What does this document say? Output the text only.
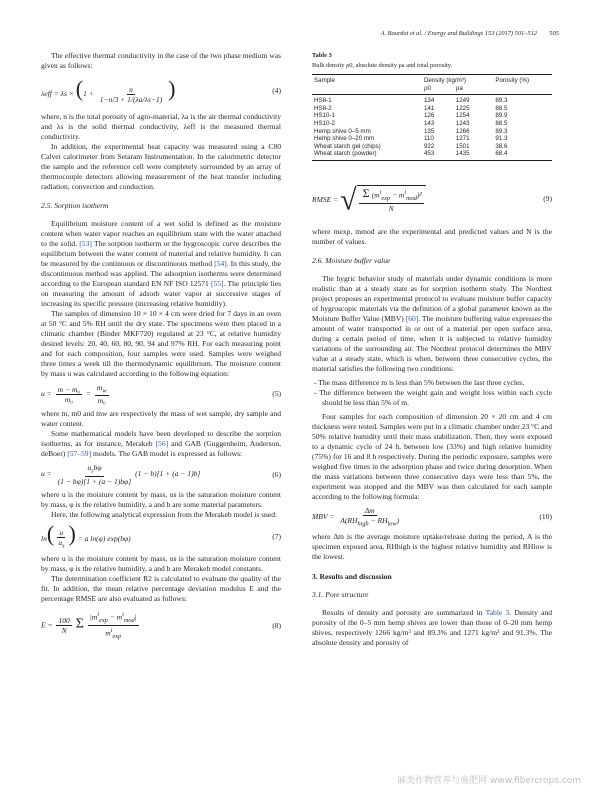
A. Bourdot et al. / Energy and Buildings 153 (2017) 501–512 505

The effective thermal conductivity in the case of the two phase medium was given as follows:

$\lambda eff = \lambda s \times (1 + \frac{n}{1-n/3 + 1/(\lambda a/\lambda s-1)}$ )	(4)

where, n is the total porosity of agro-material, λa is the air thermal conductivity and λs is the solid thermal conductivity, λeff is the measured thermal conductivity.

In addition, the experimental heat capacity was measured using a C80 Calvet calorimeter from Setaram Instrumentation. In the calorimetric detector the sample and the reference cell were completely surrounded by an array of thermocouple detectors allowing measurement of the heat transfer including radiation, convection and conduction.

2.5. Sorption isotherm

Equilibrium moisture content of a wet solid is defined as the moisture content when water vapor reaches an equilibrium state with the water attached to the solid. [53] The sorption isotherm or the hygroscopic curve describes the equilibrium between the water content of material and relative humidity. It can be measured by the continuous or discontinuous method [54]. In this study, the discontinuous method was applied. The adsorption isotherms were determined according to the European standard EN NF ISO 12571 [55]. The principle lies on measuring the amount of adsorb water vapor at successive stages of increasing its specific pressure (increasing relative humidity).

The samples of dimension 10 × 10 × 4 cm were dried for 7 days in an oven at 50 °C and 5% RH until the dry state. The specimens were then placed in a climatic chamber (Binder MKF720) regulated at 23 °C, at relative humidity desired levels: 20, 40, 60, 80, 90, 94 and 97% RH. For each measuring point and for each composition, four samples were used. Samples were weighed three times a week till the thermodynamic equilibrium. The moisture content by mass u was calculated according to the following equation:

$u = \frac{\text{m − m₀}}{\text{m₀}} = \frac{m_w}{\text{m₀}}$	(5)

where m, m0 and mw are respectively the mass of wet sample, dry sample and water content.

Some mathematical models have been developed to describe the sorption isotherms, as for instance, Merakeb [56] and GAB (Guggenheim, Anderson, deBoer) [57–59] models. The GAB model is expressed as follows:

$u = \frac{u_sb\varphi}{(1 - b\varphi)[1 + (a - 1)b\varphi]} (1 - b)[1 + (a - 1)b]$	(6)

where u is the moisture content by mass, us is the saturation moisture content by mass, φ is the relative humidity, a and b are some material parameters.

Here, the following analytical expression from the Merakeb model is used:

$\ln( \frac{u}{u_s}$ ) = a ln(φ) exp(bφ)	(7)

where u is the moisture content by mass, us is the saturation moisture content by mass, φ is the relative humidity, a and b are Merakeb model constants.

The determination coefficient R2 is calculated to evaluate the quality of the fit. In addition, the mean relative percentage deviation modulus E and the percentage RMSE are also evaluated as follows:

$E = \frac{100}{N}$ Σ $\frac{|m^i_{exp} - m^i_{mod}|}{m^i_{exp}}$	(8)
Table 3
Bulk density ρ0, absolute density ρa and total porosity.
Sample	Density (kg/m³)		Porosity (%)
	ρ0	ρa	
HS8-1	134	1249	89.3
HS8-2	141	1225	88.5
HS10-1	126	1254	89.9
HS10-2	143	1243	88.5
Hemp shive 0–5 mm	135	1266	89.3
Hemp shive 0–20 mm	110	1271	91.3
Wheat starch gel (chips)	922	1501	38.6
Wheat starch (powder)	453	1435	68.4
RMSE = √ $\frac{\Sigma (m^i_{exp} - m^i_{mod})^2}{N}$	(9)

where mexp, mmod are the experimental and predicted values and N is the number of values.

2.6. Moisture buffer value

The hygric behavior study of materials under dynamic conditions is more realistic than at a steady state as for sorption isotherm study. The Nordtest project proposes an experimental protocol to evaluate moisture buffer capacity of hygroscopic materials via the definition of a global parameter known as the Moisture Buffer Value (MBV) [60]. The moisture buffering value expresses the amount of water transported in or out of a material per open surface area, during a certain period of time, when it is subjected to relative humidity variations of the surrounding air. The Nordtest protocol determines the MBV value at a steady state, which is when, between three consecutive cycles, the material satisfies the following two conditions:

- The mass difference m is less than 5% between the last three cycles,
- The difference between the weight gain and weight loss within each cycle should be less than 5% of m.

Four samples for each composition of dimension 20 × 20 cm and 4 cm thickness were tested. Samples were put in a climatic chamber under 23 °C and 50% relative humidity until their mass stabilization. Then, they were exposed to a dynamic cycle of 24 h, between low (33%) and high relative humidity (75%) for 16 and 8 h respectively. During the periodic exposure, samples were weighed five times in the adsorption phase and twice during desorption. When the mass variations between three consecutive days were less than 5%, the experiment was stopped and the MBV was then calculated for each sample according to the following formula:

MBV = $\frac{\Delta m}{A(RH_{high} - RH_{low})}$	(10)

where Δm is the average moisture uptake/release during the period, A is the specimen exposed area, RHhigh is the highest relative humidity and RHlow is the lowest.

3. Results and discussion
3.1. Pore structure

Results of density and porosity are summarized in Table 3. Density and porosity of the 0–5 mm hemp shives are lower than those of 0–20 mm hemp shives, respectively 1266 kg/m³ and 89.3% and 1271 kg/m³ and 91.3%. The absolute density and porosity of

麻类作物营养与施肥网 www.fibercrops.com
